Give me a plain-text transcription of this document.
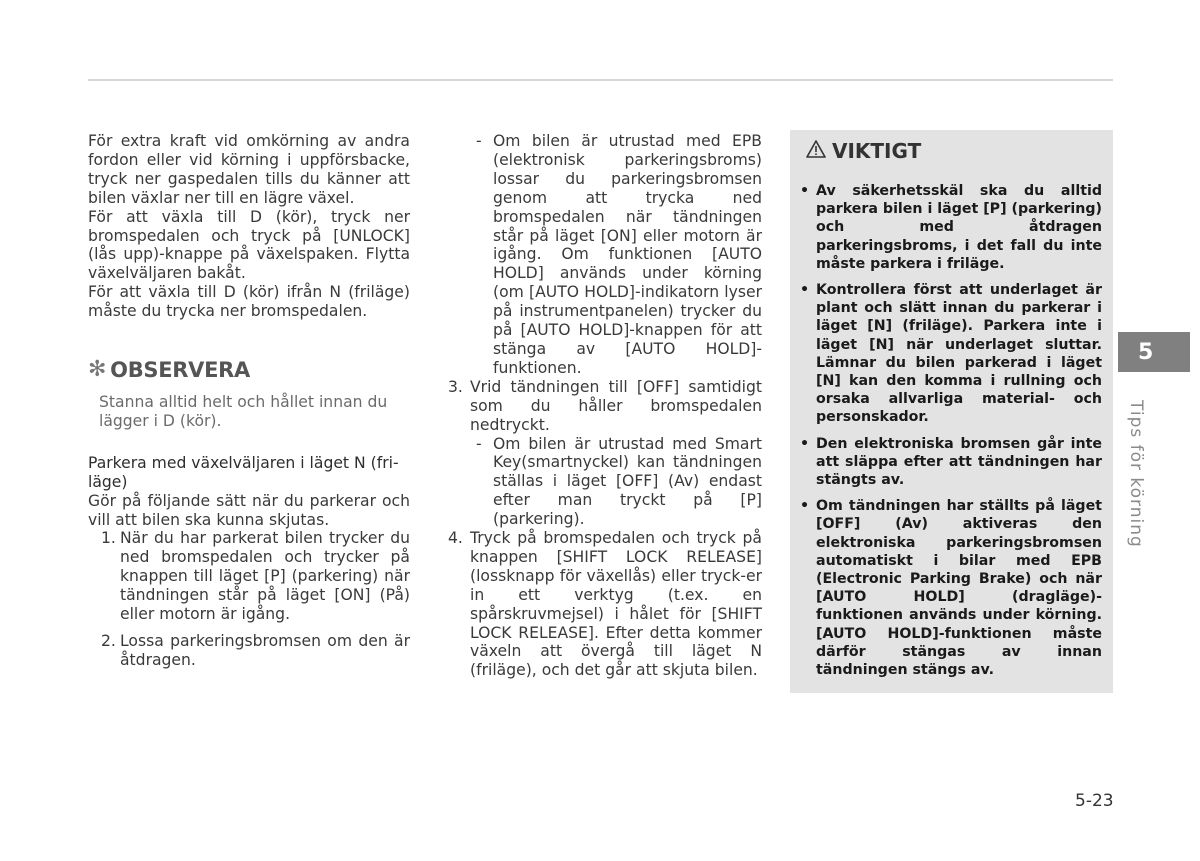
För extra kraft vid omkörning av andra fordon eller vid körning i uppförsbacke, tryck ner gaspedalen tills du känner att bilen växlar ner till en lägre växel.

För att växla till D (kör), tryck ner bromspedalen och tryck på [UNLOCK] (lås upp)-knappe på växelspaken. Flytta växelväljaren bakåt.

För att växla till D (kör) ifrån N (friläge) måste du trycka ner bromspedalen.

✻ OBSERVERA

Stanna alltid helt och hållet innan du lägger i D (kör).

Parkera med växelväljaren i läget N (fri-läge)

Gör på följande sätt när du parkerar och vill att bilen ska kunna skjutas.

1. När du har parkerat bilen trycker du ned bromspedalen och trycker på knappen till läget [P] (parkering) när tändningen står på läget [ON] (På) eller motorn är igång.
2. Lossa parkeringsbromsen om den är åtdragen.

- Om bilen är utrustad med EPB (elektronisk parkeringsbroms) lossar du parkeringsbromsen genom att trycka ned bromspedalen när tändningen står på läget [ON] eller motorn är igång. Om funktionen [AUTO HOLD] används under körning (om [AUTO HOLD]-indikatorn lyser på instrumentpanelen) trycker du på [AUTO HOLD]-knappen för att stänga av [AUTO HOLD]-funktionen.

3. Vrid tändningen till [OFF] samtidigt som du håller bromspedalen nedtryckt.

- Om bilen är utrustad med Smart Key(smartnyckel) kan tändningen ställas i läget [OFF] (Av) endast efter man tryckt på [P] (parkering).

4. Tryck på bromspedalen och tryck på knappen [SHIFT LOCK RELEASE] (lossknapp för växellås) eller tryck-er in ett verktyg (t.ex. en spårskruvmejsel) i hålet för [SHIFT LOCK RELEASE]. Efter detta kommer växeln att övergå till läget N (friläge), och det går att skjuta bilen.

VIKTIGT
• Av säkerhetsskäl ska du alltid parkera bilen i läget [P] (parkering) och med åtdragen parkeringsbroms, i det fall du inte måste parkera i friläge.
• Kontrollera först att underlaget är plant och slätt innan du parkerar i läget [N] (friläge). Parkera inte i läget [N] när underlaget sluttar. Lämnar du bilen parkerad i läget [N] kan den komma i rullning och orsaka allvarliga material- och personskador.
• Den elektroniska bromsen går inte att släppa efter att tändningen har stängts av.
• Om tändningen har ställts på läget [OFF] (Av) aktiveras den elektroniska parkeringsbromsen automatiskt i bilar med EPB (Electronic Parking Brake) och när [AUTO HOLD] (dragläge)-funktionen används under körning. [AUTO HOLD]-funktionen måste därför stängas av innan tändningen stängs av.
5
Tips för körning
5-23
